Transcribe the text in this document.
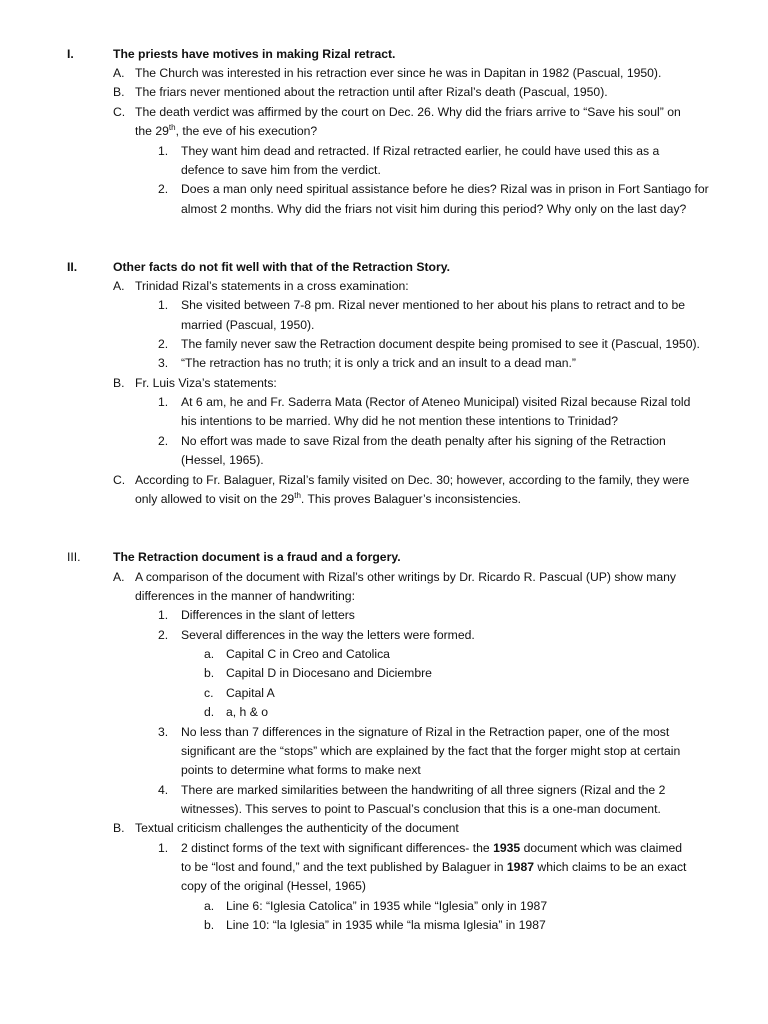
I.	The priests have motives in making Rizal retract.
A. The Church was interested in his retraction ever since he was in Dapitan in 1982 (Pascual, 1950).
B. The friars never mentioned about the retraction until after Rizal’s death (Pascual, 1950).
C. The death verdict was affirmed by the court on Dec. 26. Why did the friars arrive to “Save his soul” on
the 29th, the eve of his execution?
1. They want him dead and retracted. If Rizal retracted earlier, he could have used this as a
defence to save him from the verdict.
2. Does a man only need spiritual assistance before he dies? Rizal was in prison in Fort Santiago for
almost 2 months. Why did the friars not visit him during this period? Why only on the last day?
II.	Other facts do not fit well with that of the Retraction Story.
A. Trinidad Rizal’s statements in a cross examination:
1. She visited between 7-8 pm. Rizal never mentioned to her about his plans to retract and to be
married (Pascual, 1950).
2. The family never saw the Retraction document despite being promised to see it (Pascual, 1950).
3. “The retraction has no truth; it is only a trick and an insult to a dead man.”
B. Fr. Luis Viza’s statements:
1. At 6 am, he and Fr. Saderra Mata (Rector of Ateneo Municipal) visited Rizal because Rizal told
his intentions to be married. Why did he not mention these intentions to Trinidad?
2. No effort was made to save Rizal from the death penalty after his signing of the Retraction
(Hessel, 1965).
C. According to Fr. Balaguer, Rizal’s family visited on Dec. 30; however, according to the family, they were
only allowed to visit on the 29th. This proves Balaguer’s inconsistencies.
III.	The Retraction document is a fraud and a forgery.
A. A comparison of the document with Rizal’s other writings by Dr. Ricardo R. Pascual (UP) show many
differences in the manner of handwriting:
1. Differences in the slant of letters
2. Several differences in the way the letters were formed.
a. Capital C in Creo and Catolica
b. Capital D in Diocesano and Diciembre
c. Capital A
d. a, h & o
3. No less than 7 differences in the signature of Rizal in the Retraction paper, one of the most
significant are the “stops” which are explained by the fact that the forger might stop at certain
points to determine what forms to make next
4. There are marked similarities between the handwriting of all three signers (Rizal and the 2
witnesses). This serves to point to Pascual’s conclusion that this is a one-man document.
B. Textual criticism challenges the authenticity of the document
1. 2 distinct forms of the text with significant differences- the 1935 document which was claimed
to be “lost and found,” and the text published by Balaguer in 1987 which claims to be an exact
copy of the original (Hessel, 1965)
a. Line 6: “Iglesia Catolica” in 1935 while “Iglesia” only in 1987
b. Line 10: “la Iglesia” in 1935 while “la misma Iglesia” in 1987
